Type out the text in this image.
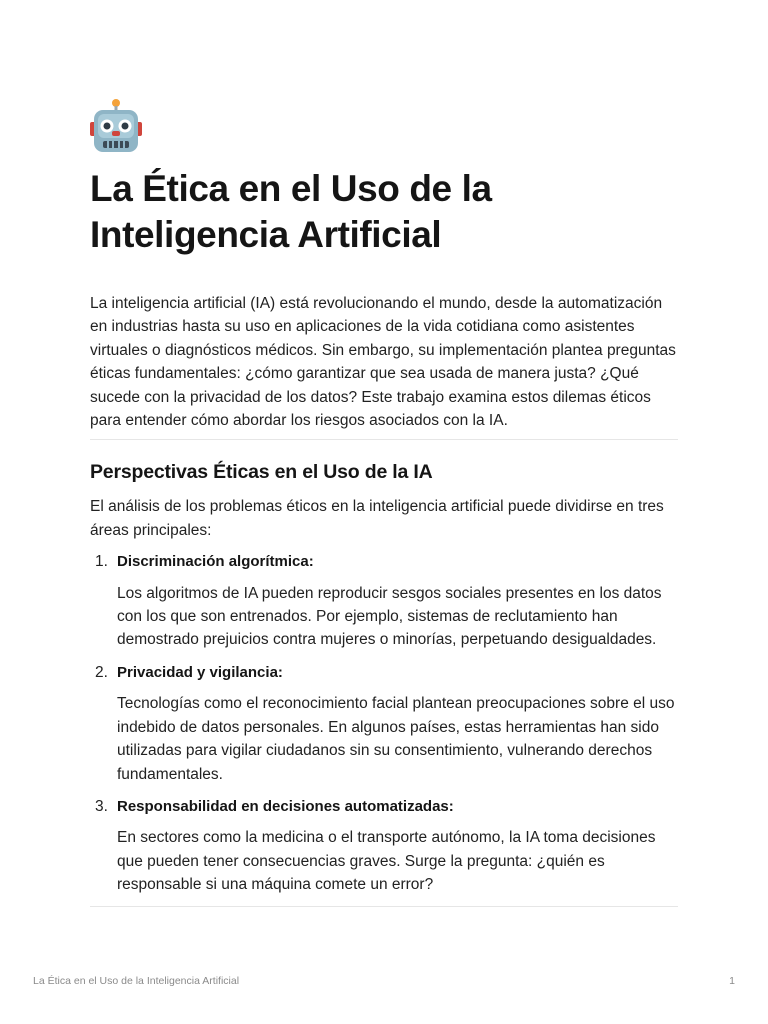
La Ética en el Uso de la
Inteligencia Artificial

La inteligencia artificial (IA) está revolucionando el mundo, desde la automatización en industrias hasta su uso en aplicaciones de la vida cotidiana como asistentes virtuales o diagnósticos médicos. Sin embargo, su implementación plantea preguntas éticas fundamentales: ¿cómo garantizar que sea usada de manera justa? ¿Qué sucede con la privacidad de los datos? Este trabajo examina estos dilemas éticos para entender cómo abordar los riesgos asociados con la IA.

Perspectivas Éticas en el Uso de la IA

El análisis de los problemas éticos en la inteligencia artificial puede dividirse en tres áreas principales:

1. Discriminación algorítmica:

Los algoritmos de IA pueden reproducir sesgos sociales presentes en los datos con los que son entrenados. Por ejemplo, sistemas de reclutamiento han demostrado prejuicios contra mujeres o minorías, perpetuando desigualdades.

2. Privacidad y vigilancia:

Tecnologías como el reconocimiento facial plantean preocupaciones sobre el uso indebido de datos personales. En algunos países, estas herramientas han sido utilizadas para vigilar ciudadanos sin su consentimiento, vulnerando derechos fundamentales.

3. Responsabilidad en decisiones automatizadas:

En sectores como la medicina o el transporte autónomo, la IA toma decisiones que pueden tener consecuencias graves. Surge la pregunta: ¿quién es responsable si una máquina comete un error?

La Ética en el Uso de la Inteligencia Artificial	1
